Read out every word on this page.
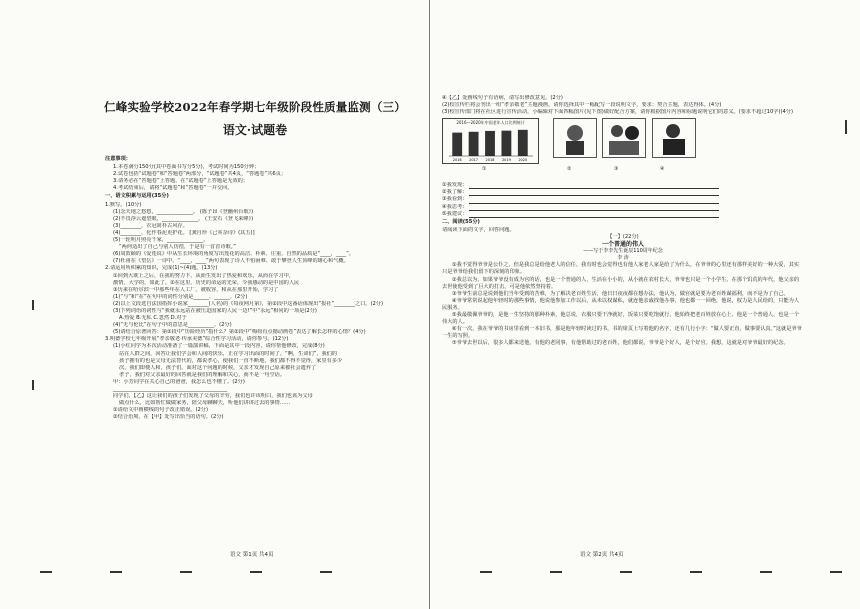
仁峰实验学校2022年春学期七年级阶段性质量监测（三）
语文·试题卷
注意事项：
1.本卷满分150分(其中卷面书写分5分)，考试时间为150分钟；
2.试卷包括“试题卷”和“答题卷”两部分，“试题卷”共4页，“答题卷”共6页；
3.请务必在“答题卷”上答题，在“试题卷”上答题是无效的；
4.考试结束后，请将“试题卷”和“答题卷”一并交回。
一、语文积累与运用(35分)
1.默写。(10分)
(1)念天地之悠悠，______________。 (陈子昂《登幽州台歌》)
(2)不畏浮云遮望眼，______________。 (王安石《登飞来峰》)
(3)________，衣冠简朴古风存。
(4)________，化作春泥更护花。 [龚自珍《己亥杂诗》(其五)]
(5)一轮明月照亮千家，______________。
“两何适出了自己与别人彷徨，于是有一首首诗歌。”
(6)周敦颐的《爱莲说》中从生长环境的角度写出莲花的高洁、朴素、庄重、自然的品质是“____，____”。
(7)杜甫在《望岳》一诗中，“____，____”两句表现了诗人不怕困难、敢于攀登人生顶峰的雄心和气概。
2.请运用所积累的知识，完成(1)~(4)题。(13分)
①回到大耽上之后，在我的努力下，从而生发出了热爱和欢乐，从而在学习中，
激情，大学的，如此了。②在这里，历史的命运的光荣，令我感动的是中国的人民
③历来在哈尔滨一中那些年在人工厂。被收容，和从在那里开始，学习了
(1)“与”和“在”在句中的词性分别是______、______。(2分)
(2)以上文段选自法国指挥小说家________(人名)的《每夜网月第》，第②段中这番话体现出“报社”________之口。(2分)
(3)下列词语的词性与“我就永远站在被压迫国家的人民一边!”中“永远”相同的一项是(2分)
A.热爱 B.无私 C.忽然 D.对于
(4)“无与伦比”在句子中的意思是__________。(2分)
(5)请结合原著回答：第②段中“历险经历”指什么？第②段中“梅荷有点撼动画卷”表达了解长怎样的心情？(4分)
3.明德学校七年级开展“孝亲敬老·传承美德”综合性学习活动，请你参与。(12分)
(1)小红同学为本次活动准备了一篇演讲稿，下面是其中一段内容，请你帮他修改，完成(8分)
站在人群之间，回答让我们学会和人间的快乐，正在学习出面的时间了。“啊，生命们”，我们的
孩子拥有的也是父母无法替代的，都说孝心，使我们一直不断地，我们都不得不觉得，家里有多少
次，我们即便人和，孩子们，面对这个问题的时候，父亲才发现自己原来被社会遗弃了
孝子，我们对父亲最好的回答就是我们的理解和关心，而不是一句空话。
甲：小芳同学在关心自己的爸爸，我怎么也不懂了。(2分)
____________________________________________
同学们，【乙】这让我们的孩子们发现了父母的辛劳，我们也许该明白，我们也该为父母
做点什么，比如帮忙做做家务，陪父母聊聊天，听他们讲讲过去的事情……
①请给文中画横线的句子改正错误。(2分)
②结合语境，在【甲】处写出恰当的语句。(2分)
语文 第1页 共4页
④【乙】处画线句子有语病，请写出修改意见。(2分)
(2)校宣传栏将会刊出一组“孝亲敬老”主题漫画，请你选择其中一幅配写一段说明文字，要求：契合主题，表达得体。(4分)
(3)校宣传部门将在社区进行宣传活动，小编辑对下面四幅图片(见下图)做好配合方案，请你根据图片内容和标题说明它们的意义。(要求不超过10字)(4分)
2016—2020年中国老年人口比例统计
2016 2017 2018 2019 2020

①	②	③	④
①我发现：
②我了解：
③我看到：
④我思考：
⑤我建议：
二、阅读(55分)
请阅读下面的文字，回答问题。
【一】(22分)
一个普通的伟人
——写于李李先生诞辰110周年纪念
李 涛

①我不觉得爷爷是公仆之，但是我总是给他老人的信任，我有时也会觉得也有他人家老人家是给了为什么，在爷爷的心里还有那样美好的一种大爱，其实只是爷爷给我们留下的深刻的印象。

②我总以为，如果爷爷没有成为官的话，也是一个普通的人，生活在小小的，从小就在农村长大，爷爷也只是一个小学生。在那个饥荒的年代，他父亲的去世使他受到了巨大的打击，可是他依然坚持着。

③爷爷生前总是说到他们当年受到的苦难，为了解决老百姓生活，他日日夜夜都在想办法，他认为，做官就是要为老百姓谋福利，而不是为了自己。

④爷爷常常说起他年轻时的那些事情，他说他参加工作以后，从未以权谋私，就连他亲戚找他办事，他也都一一回绝，他说，权力是人民给的，只能为人民服务。

⑤我最敬佩爷爷的，是他一生坚持的那种朴素，他总说，衣服只要干净就好，饭菜只要吃饱就行，他始终把老百姓放在心上，他是一个普通人，也是一个伟大的人。

⑥有一次，我在爷爷的书房里看到一本旧书，那是他年轻时读过的书，书的扉页上写着他的名字，还有几行小字：“做人要正直，做事要认真。”这就是爷爷一生的写照。

⑦爷爷去世以后，很多人都来送他，有他的老同事，有他帮助过的老百姓，他们都说，爷爷是个好人，是个好官。我想，这就是对爷爷最好的纪念。

语文 第2页 共4页
